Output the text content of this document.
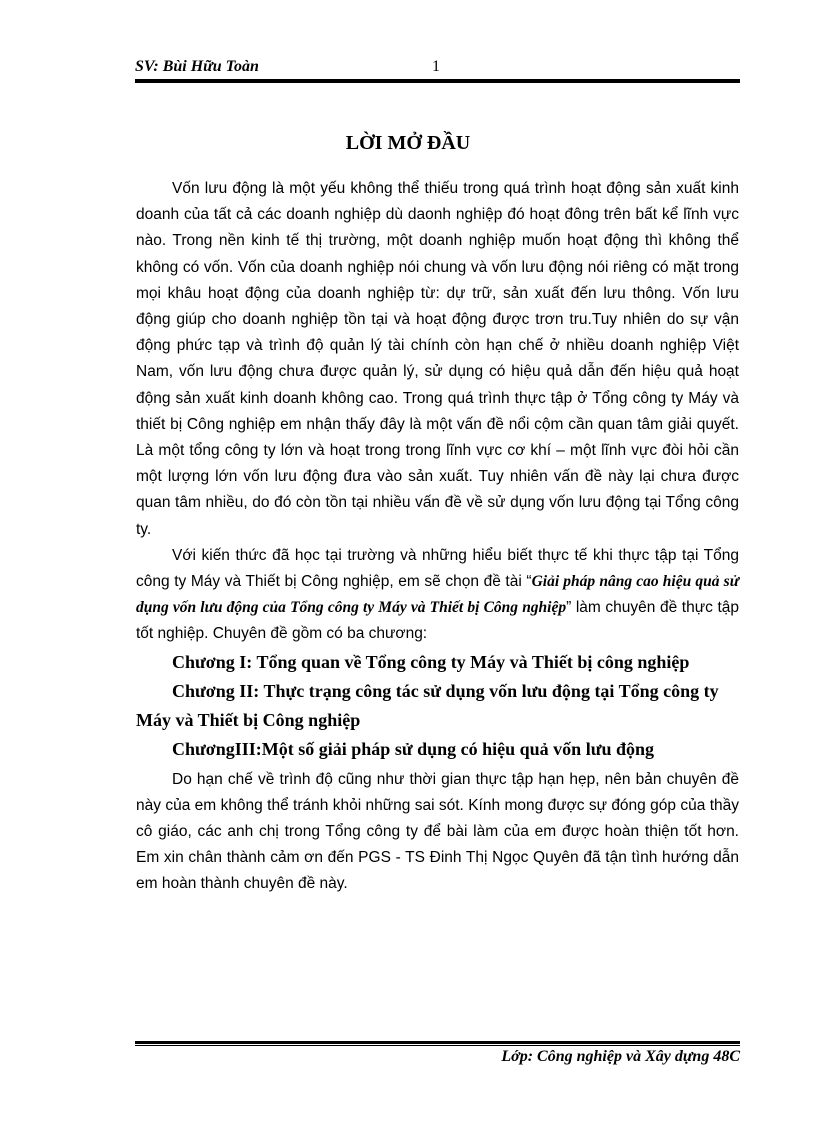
SV: Bùi Hữu Toàn	1
LỜI MỞ ĐẦU

Vốn lưu động là một yếu không thể thiếu trong quá trình hoạt động sản xuất kinh doanh của tất cả các doanh nghiệp dù daonh nghiệp đó hoạt đông trên bất kể lĩnh vực nào. Trong nền kinh tế thị trường, một doanh nghiệp muốn hoạt động thì không thể không có vốn. Vốn của doanh nghiệp nói chung và vốn lưu động nói riêng có mặt trong mọi khâu hoạt động của doanh nghiệp từ: dự trữ, sản xuất đến lưu thông. Vốn lưu động giúp cho doanh nghiệp tồn tại và hoạt động được trơn tru.Tuy nhiên do sự vận động phức tạp và trình độ quản lý tài chính còn hạn chế ở nhiều doanh nghiệp Việt Nam, vốn lưu động chưa được quản lý, sử dụng có hiệu quả dẫn đến hiệu quả hoạt động sản xuất kinh doanh không cao. Trong quá trình thực tập ở Tổng công ty Máy và thiết bị Công nghiệp em nhận thấy đây là một vấn đề nổi cộm cần quan tâm giải quyết. Là một tổng công ty lớn và hoạt trong trong lĩnh vực cơ khí – một lĩnh vực đòi hỏi cần một lượng lớn vốn lưu động đưa vào sản xuất. Tuy nhiên vấn đề này lại chưa được quan tâm nhiều, do đó còn tồn tại nhiều vấn đề về sử dụng vốn lưu động tại Tổng công ty.

Với kiến thức đã học tại trường và những hiểu biết thực tế khi thực tập tại Tổng công ty Máy và Thiết bị Công nghiệp, em sẽ chọn đề tài “Giải pháp nâng cao hiệu quả sử dụng vốn lưu động của Tổng công ty Máy và Thiết bị Công nghiệp” làm chuyên đề thực tập tốt nghiệp. Chuyên đề gồm có ba chương:

Chương I: Tổng quan về Tổng công ty Máy và Thiết bị công nghiệp

Chương II: Thực trạng công tác sử dụng vốn lưu động tại Tổng công ty Máy và Thiết bị Công nghiệp

ChươngIII:Một số giải pháp sử dụng có hiệu quả vốn lưu động

Do hạn chế về trình độ cũng như thời gian thực tập hạn hẹp, nên bản chuyên đề này của em không thể tránh khỏi những sai sót. Kính mong được sự đóng góp của thầy cô giáo, các anh chị trong Tổng công ty để bài làm của em được hoàn thiện tốt hơn. Em xin chân thành cảm ơn đến PGS - TS Đinh Thị Ngọc Quyên đã tận tình hướng dẫn em hoàn thành chuyên đề này.

Lớp: Công nghiệp và Xây dựng 48C
